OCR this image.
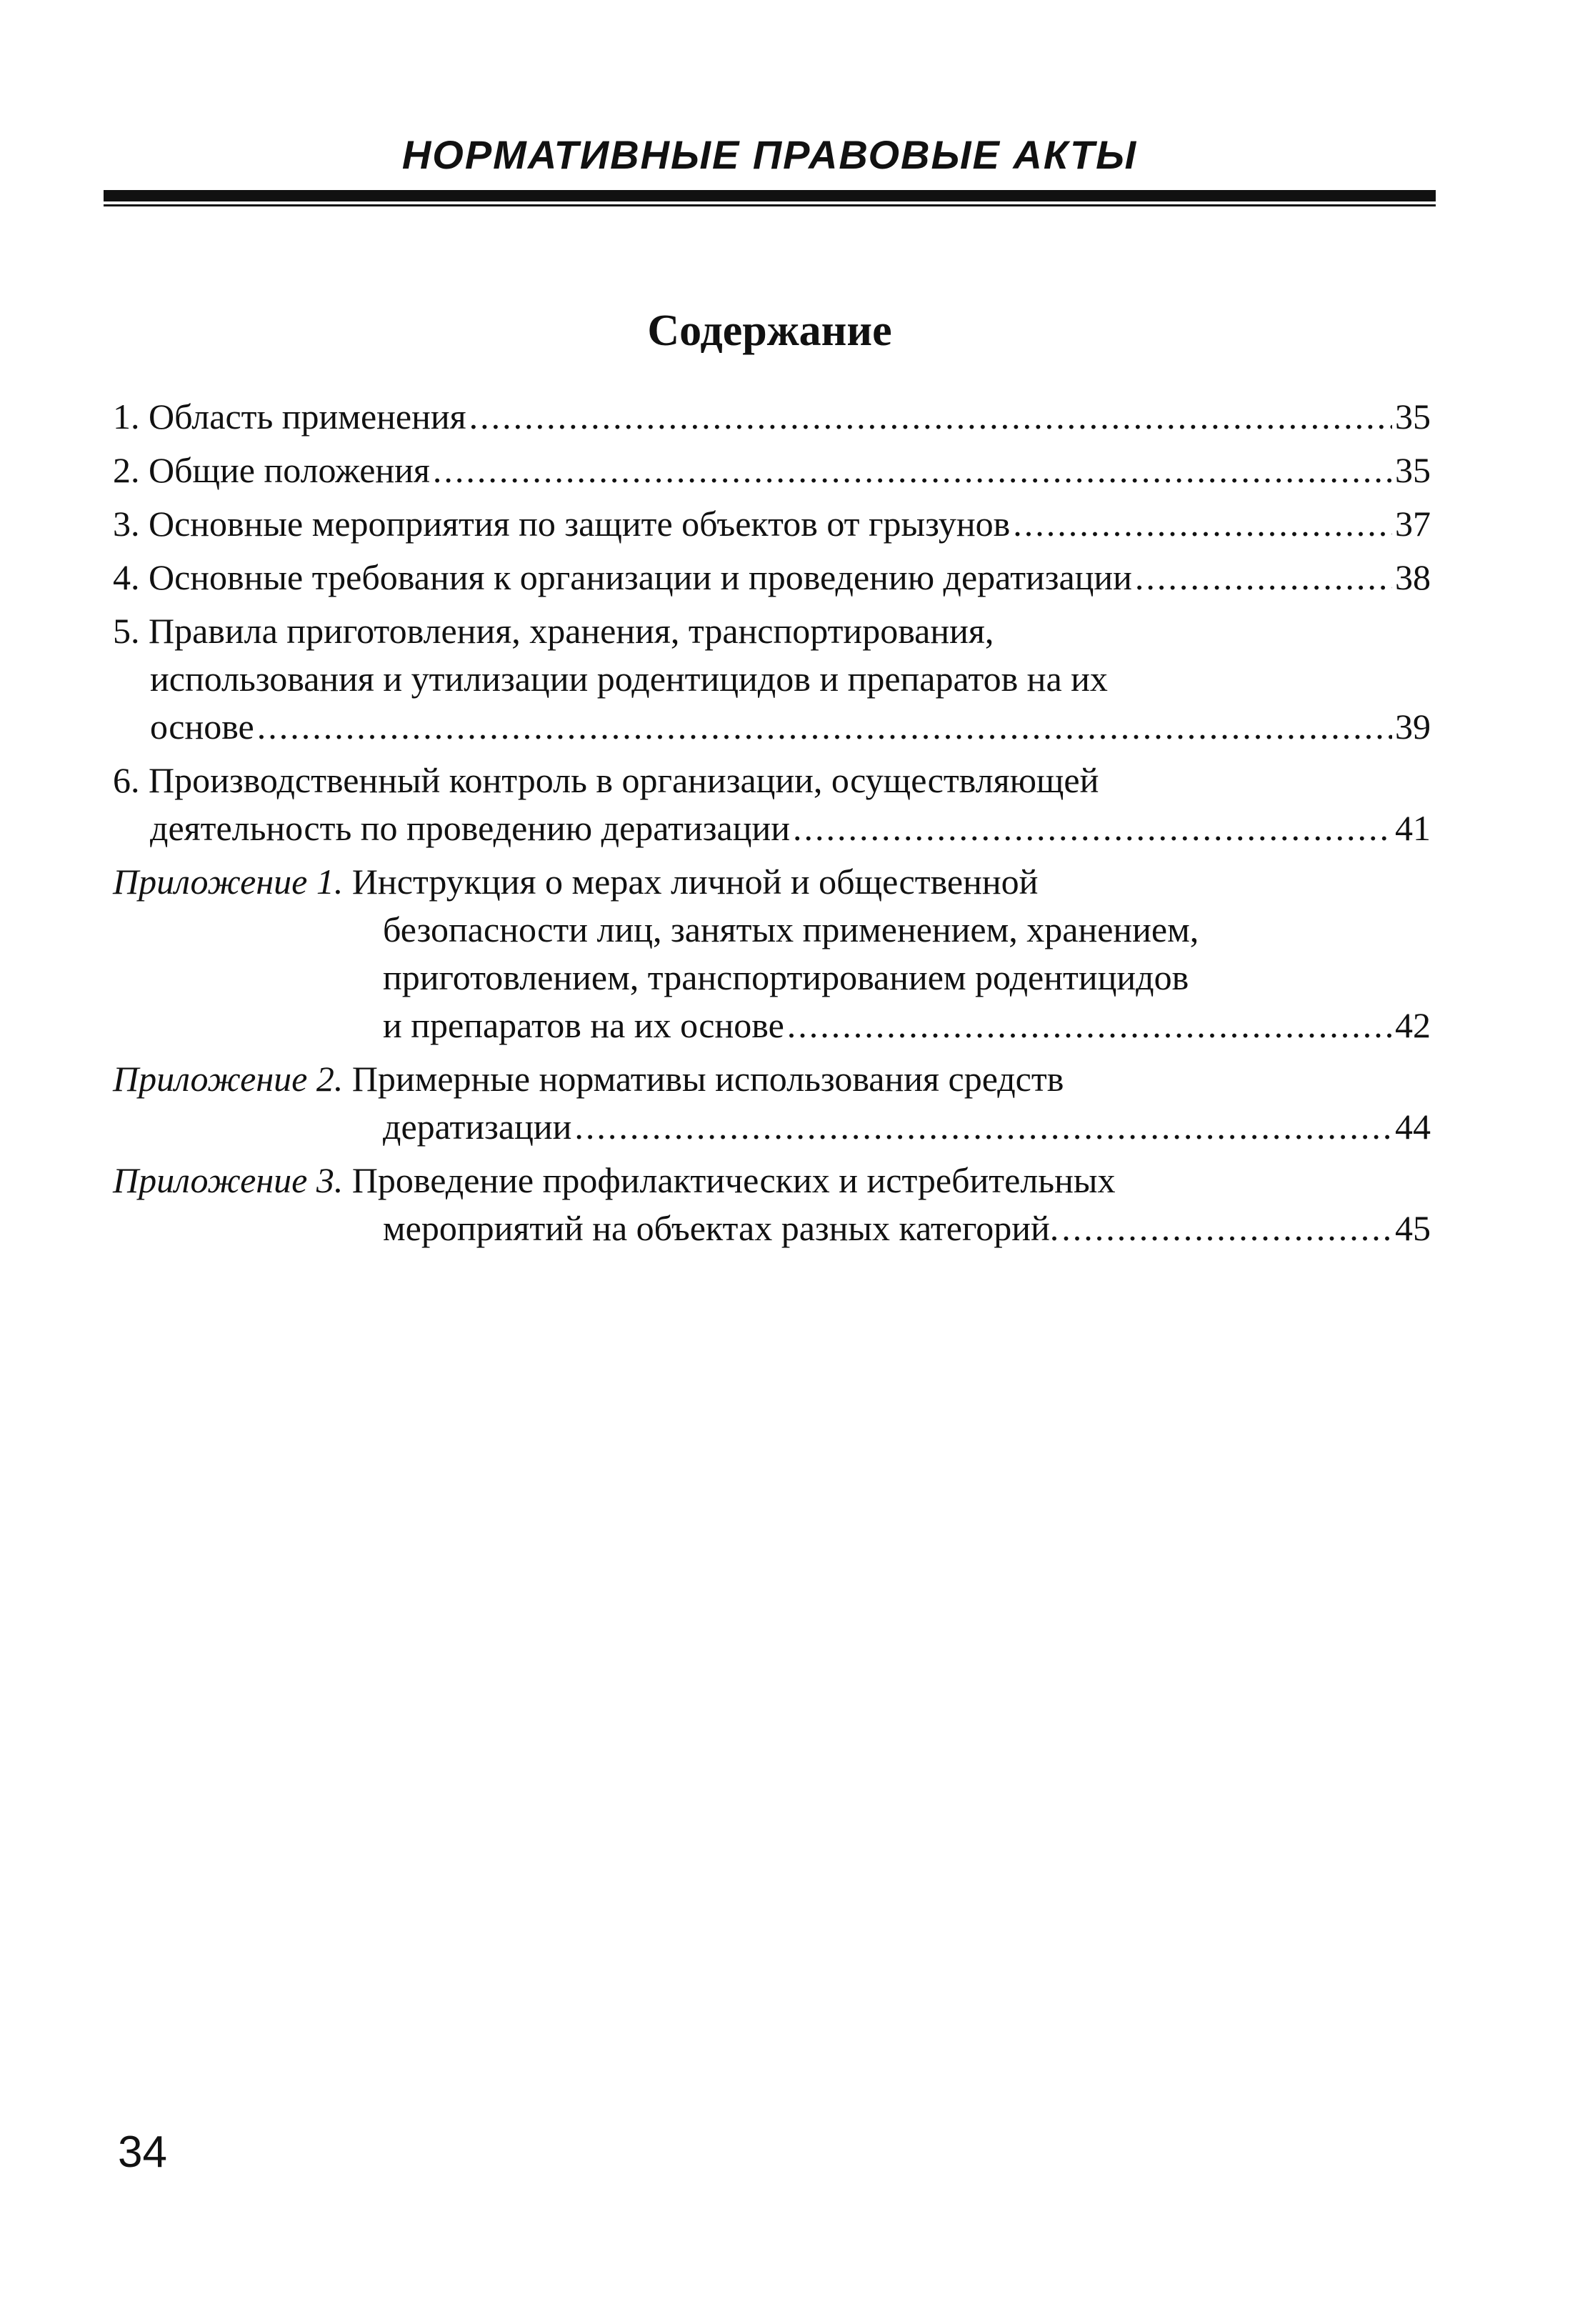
НОРМАТИВНЫЕ ПРАВОВЫЕ АКТЫ
Содержание
1. Область применения .....	35
2. Общие положения .....	35
3. Основные мероприятия по защите объектов от грызунов .....	37
4. Основные требования к организации и проведению дератизации .....	38
5. Правила приготовления, хранения, транспортирования,
использования и утилизации родентицидов и препаратов на их
основе .....	39
6. Производственный контроль в организации, осуществляющей
деятельность по проведению дератизации .....	41
Приложение 1. Инструкция о мерах личной и общественной
безопасности лиц, занятых применением, хранением,
приготовлением, транспортированием родентицидов
и препаратов на их основе .....	42
Приложение 2. Примерные нормативы использования средств
дератизации .....	44
Приложение 3. Проведение профилактических и истребительных
мероприятий на объектах разных категорий. .....	45
34
